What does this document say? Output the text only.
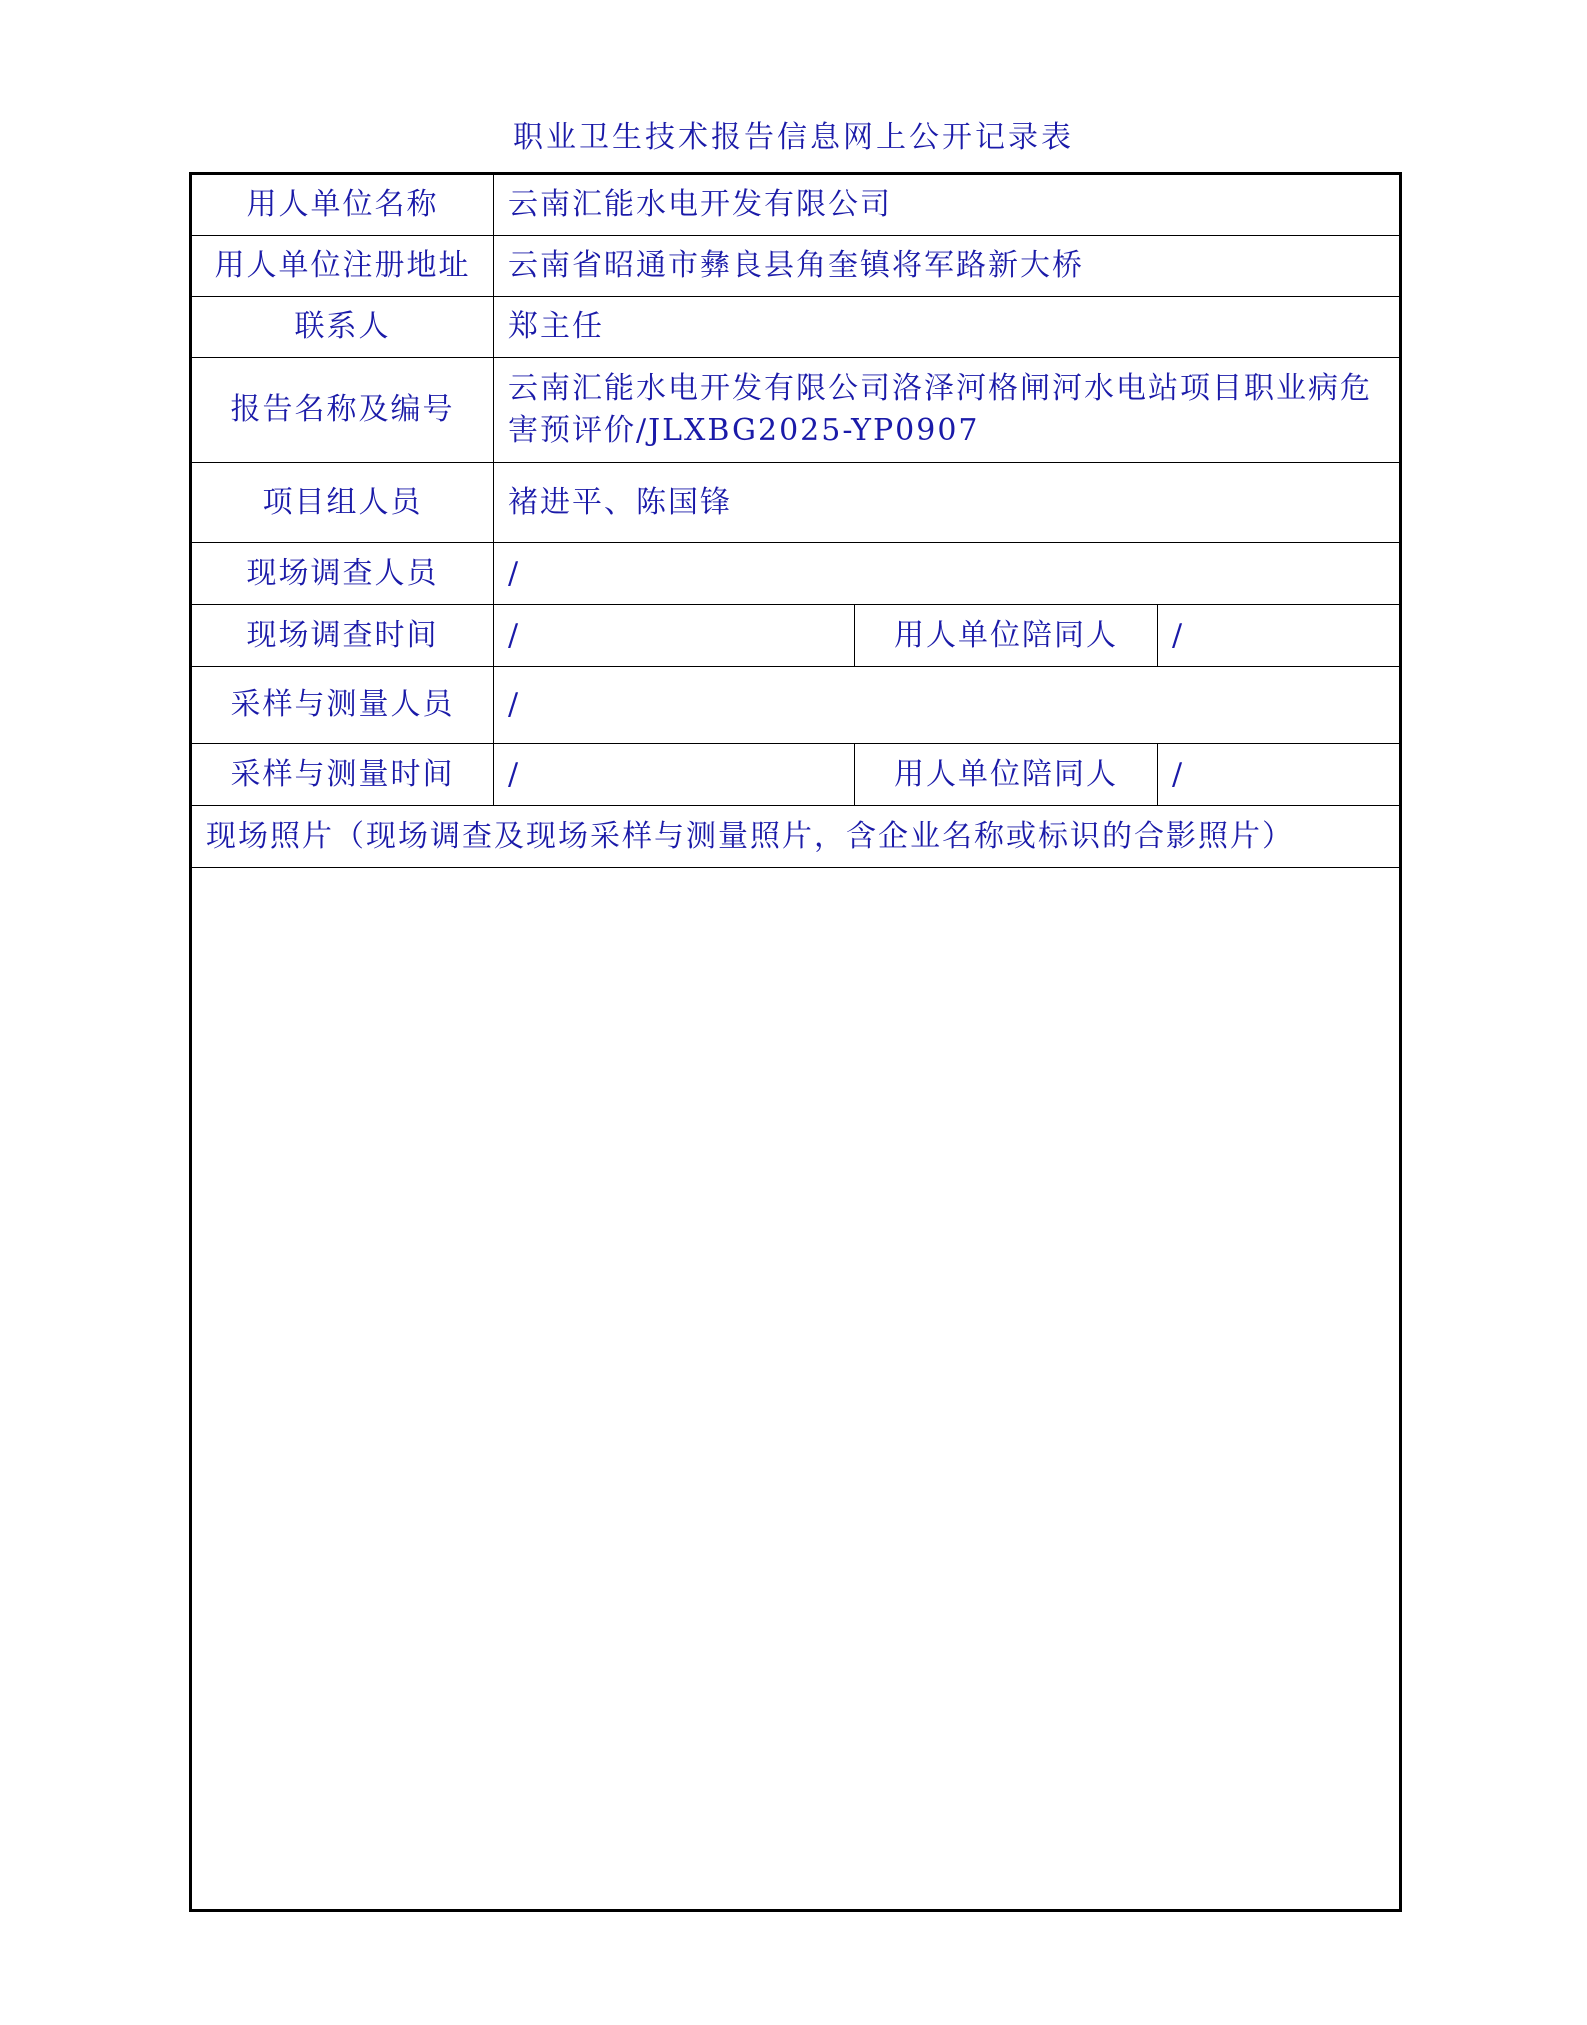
职业卫生技术报告信息网上公开记录表
用人单位名称	云南汇能水电开发有限公司		
用人单位注册地址	云南省昭通市彝良县角奎镇将军路新大桥		
联系人	郑主任		
报告名称及编号	云南汇能水电开发有限公司洛泽河格闸河水电站项目职业病危害预评价/JLXBG2025-YP0907		
项目组人员	褚进平、陈国锋		
现场调查人员	/		
现场调查时间	/	用人单位陪同人	/
采样与测量人员	/		
采样与测量时间	/	用人单位陪同人	/
现场照片（现场调查及现场采样与测量照片，含企业名称或标识的合影照片）			
